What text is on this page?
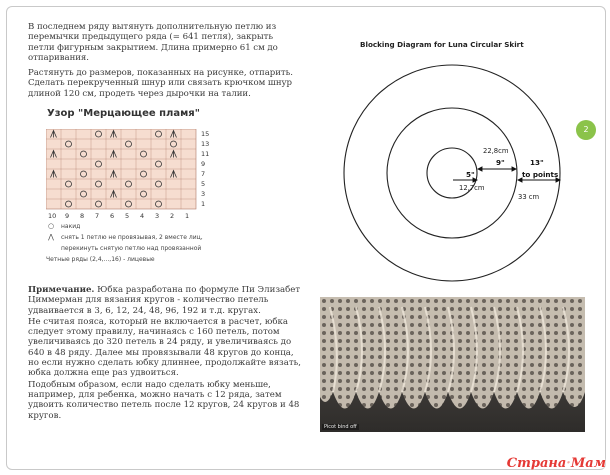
В последнем ряду вытянуть дополнительную петлю из перемычки предыдущего ряда (= 641 петля), закрыть петли фигурным закрытием. Длина примерно 61 см до отпаривания.
Растянуть до размеров, показанных на рисунке, отпарить. Сделать перекрученный шнур или связать крючком шнур длиной 120 см, продеть через дырочки на талии.
Узор "Мерцающее пламя"
15
13
11
9
7
5
3
1
10 9 8 7 6 5 4 3 2 1
○ накид
⋀ снять 1 петлю не провязывая, 2 вместе лиц,
перекинуть снятую петлю над провязанной
Четные ряды (2,4,...,16) - лицевые

Примечание. Юбка разработана по формуле Пи Элизабет Циммерман для вязания кругов - количество петель удваивается в 3, 6, 12, 24, 48, 96, 192 и т.д. кругах.

Не считая пояса, который не включается в расчет, юбка следует этому правилу, начинаясь с 160 петель, потом увеличиваясь до 320 петель в 24 ряду, и увеличиваясь до 640 в 48 ряду. Далее мы провязывали 48 кругов до конца, но если нужно сделать юбку длиннее, продолжайте вязать, юбка должна еще раз удвоиться.

Подобным образом, если надо сделать юбку меньше, например, для ребенка, можно начать с 12 ряда, затем удвоить количество петель после 12 кругов, 24 кругов и 48 кругов.

Blocking Diagram for Luna Circular Skirt
5"
12,7cm
22,8cm
9"	13"
to points
33 cm
2
Picot bind off
Страна·Мам
